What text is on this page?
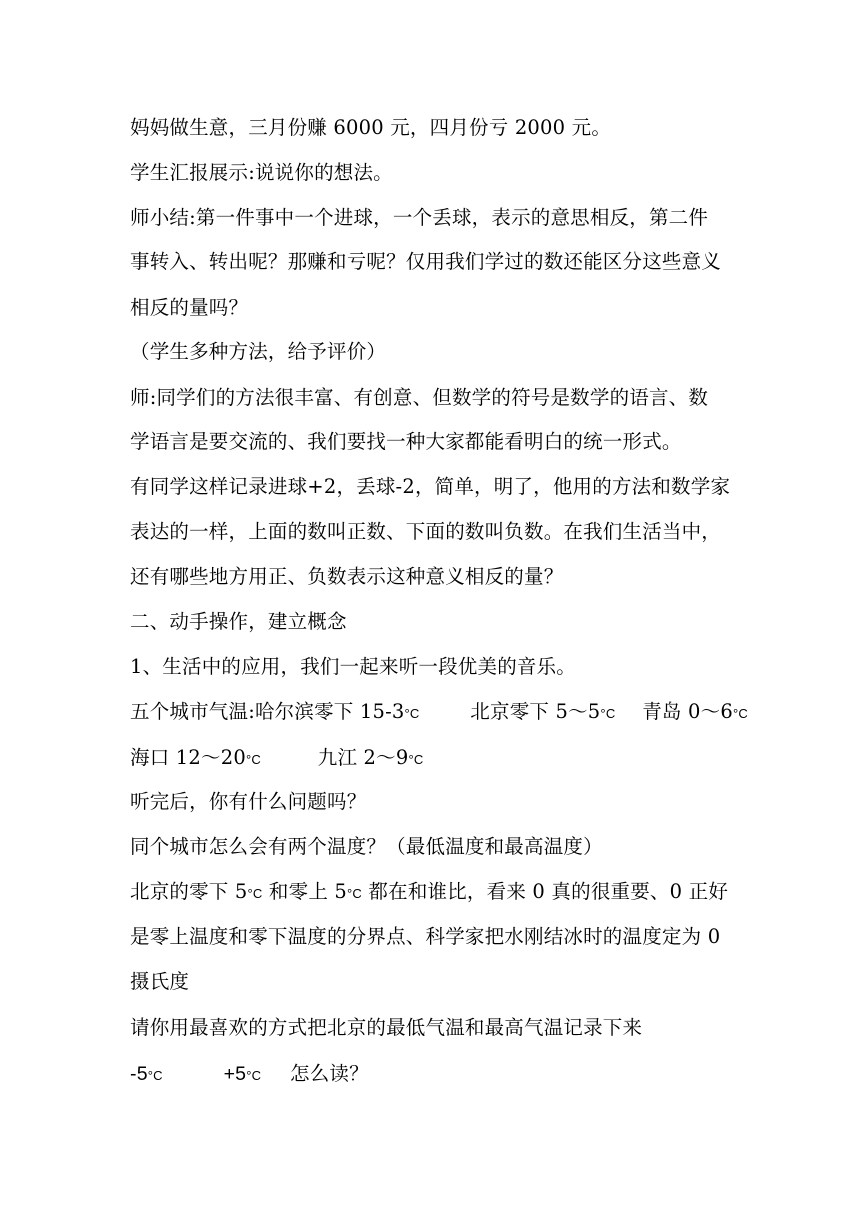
妈妈做生意，三月份赚 6000 元，四月份亏 2000 元。
学生汇报展示:说说你的想法。
师小结:第一件事中一个进球，一个丢球，表示的意思相反，第二件
事转入、转出呢？那赚和亏呢？仅用我们学过的数还能区分这些意义
相反的量吗？
（学生多种方法，给予评价）
师:同学们的方法很丰富、有创意、但数学的符号是数学的语言、数
学语言是要交流的、我们要找一种大家都能看明白的统一形式。
有同学这样记录进球+2，丢球-2，简单，明了，他用的方法和数学家
表达的一样，上面的数叫正数、下面的数叫负数。在我们生活当中，
还有哪些地方用正、负数表示这种意义相反的量？
二、动手操作，建立概念
1、生活中的应用，我们一起来听一段优美的音乐。
五个城市气温:哈尔滨零下 15-3°C	北京零下 5～5°C 青岛 0～6°C
海口 12～20°C	九江 2～9°C
听完后，你有什么问题吗？
同个城市怎么会有两个温度？（最低温度和最高温度）
北京的零下 5°C 和零上 5°C 都在和谁比，看来 0 真的很重要、0 正好
是零上温度和零下温度的分界点、科学家把水刚结冰时的温度定为 0
摄氏度
请你用最喜欢的方式把北京的最低气温和最高气温记录下来
-5°C	+5°C 怎么读？
